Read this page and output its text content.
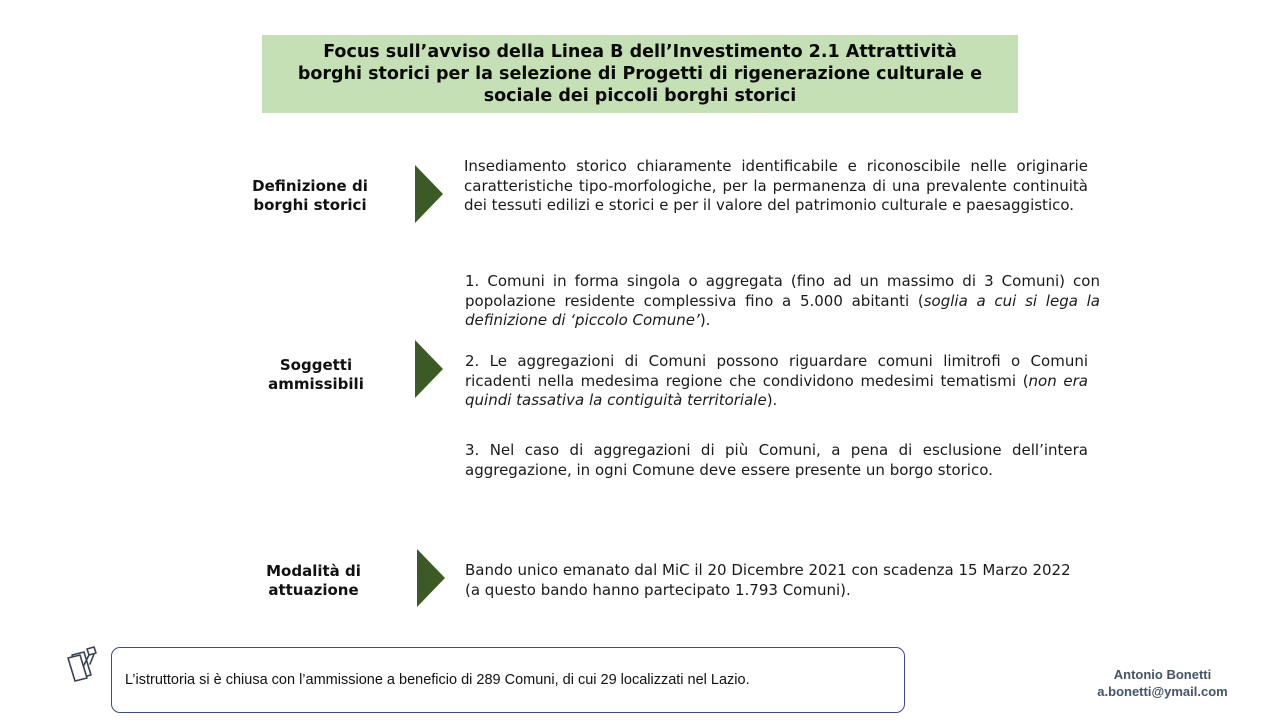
Focus sull’avviso della Linea B dell’Investimento 2.1 Attrattività
borghi storici per la selezione di Progetti di rigenerazione culturale e
sociale dei piccoli borghi storici
Definizione di
borghi storici
Insediamento storico chiaramente identificabile e riconoscibile nelle originarie caratteristiche tipo-morfologiche, per la permanenza di una prevalente continuità dei tessuti edilizi e storici e per il valore del patrimonio culturale e paesaggistico.
Soggetti
ammissibili
1. Comuni in forma singola o aggregata (fino ad un massimo di 3 Comuni) con popolazione residente complessiva fino a 5.000 abitanti (soglia a cui si lega la definizione di ‘piccolo Comune’).
2. Le aggregazioni di Comuni possono riguardare comuni limitrofi o Comuni ricadenti nella medesima regione che condividono medesimi tematismi (non era quindi tassativa la contiguità territoriale).
3. Nel caso di aggregazioni di più Comuni, a pena di esclusione dell’intera aggregazione, in ogni Comune deve essere presente un borgo storico.
Modalità di
attuazione
Bando unico emanato dal MiC il 20 Dicembre 2021 con scadenza 15 Marzo 2022 (a questo bando hanno partecipato 1.793 Comuni).
L’istruttoria si è chiusa con l’ammissione a beneficio di 289 Comuni, di cui 29 localizzati nel Lazio.	Antonio Bonetti
a.bonetti@ymail.com
